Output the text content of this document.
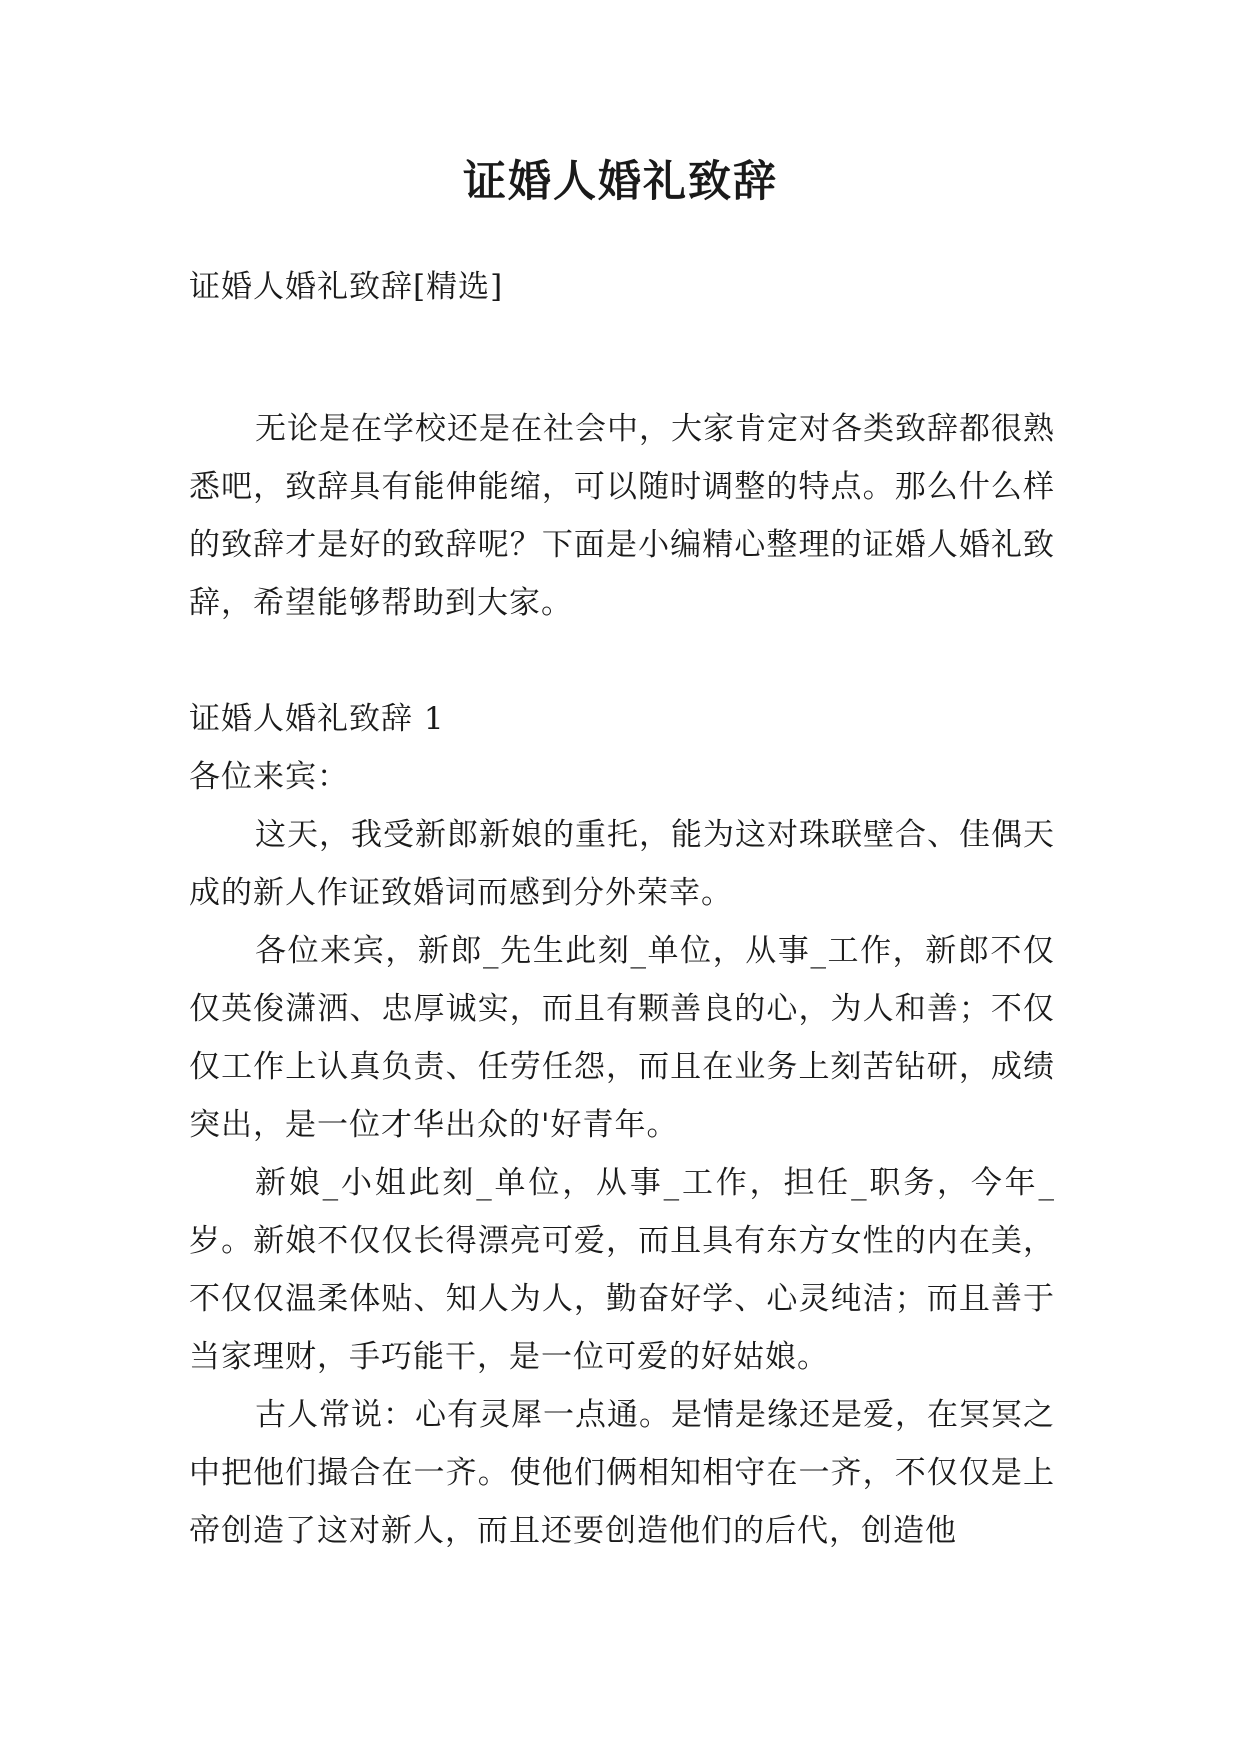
证婚人婚礼致辞

证婚人婚礼致辞[精选]

无论是在学校还是在社会中，大家肯定对各类致辞都很熟悉吧，致辞具有能伸能缩，可以随时调整的特点。那么什么样的致辞才是好的致辞呢？下面是小编精心整理的证婚人婚礼致辞，希望能够帮助到大家。

证婚人婚礼致辞 1

各位来宾：

这天，我受新郎新娘的重托，能为这对珠联壁合、佳偶天成的新人作证致婚词而感到分外荣幸。

各位来宾，新郎_先生此刻_单位，从事_工作，新郎不仅仅英俊潇洒、忠厚诚实，而且有颗善良的心，为人和善；不仅仅工作上认真负责、任劳任怨，而且在业务上刻苦钻研，成绩突出，是一位才华出众的'好青年。

新娘_小姐此刻_单位，从事_工作，担任_职务，今年_岁。新娘不仅仅长得漂亮可爱，而且具有东方女性的内在美，不仅仅温柔体贴、知人为人，勤奋好学、心灵纯洁；而且善于当家理财，手巧能干，是一位可爱的好姑娘。

古人常说：心有灵犀一点通。是情是缘还是爱，在冥冥之中把他们撮合在一齐。使他们俩相知相守在一齐，不仅仅是上帝创造了这对新人，而且还要创造他们的后代，创造他
